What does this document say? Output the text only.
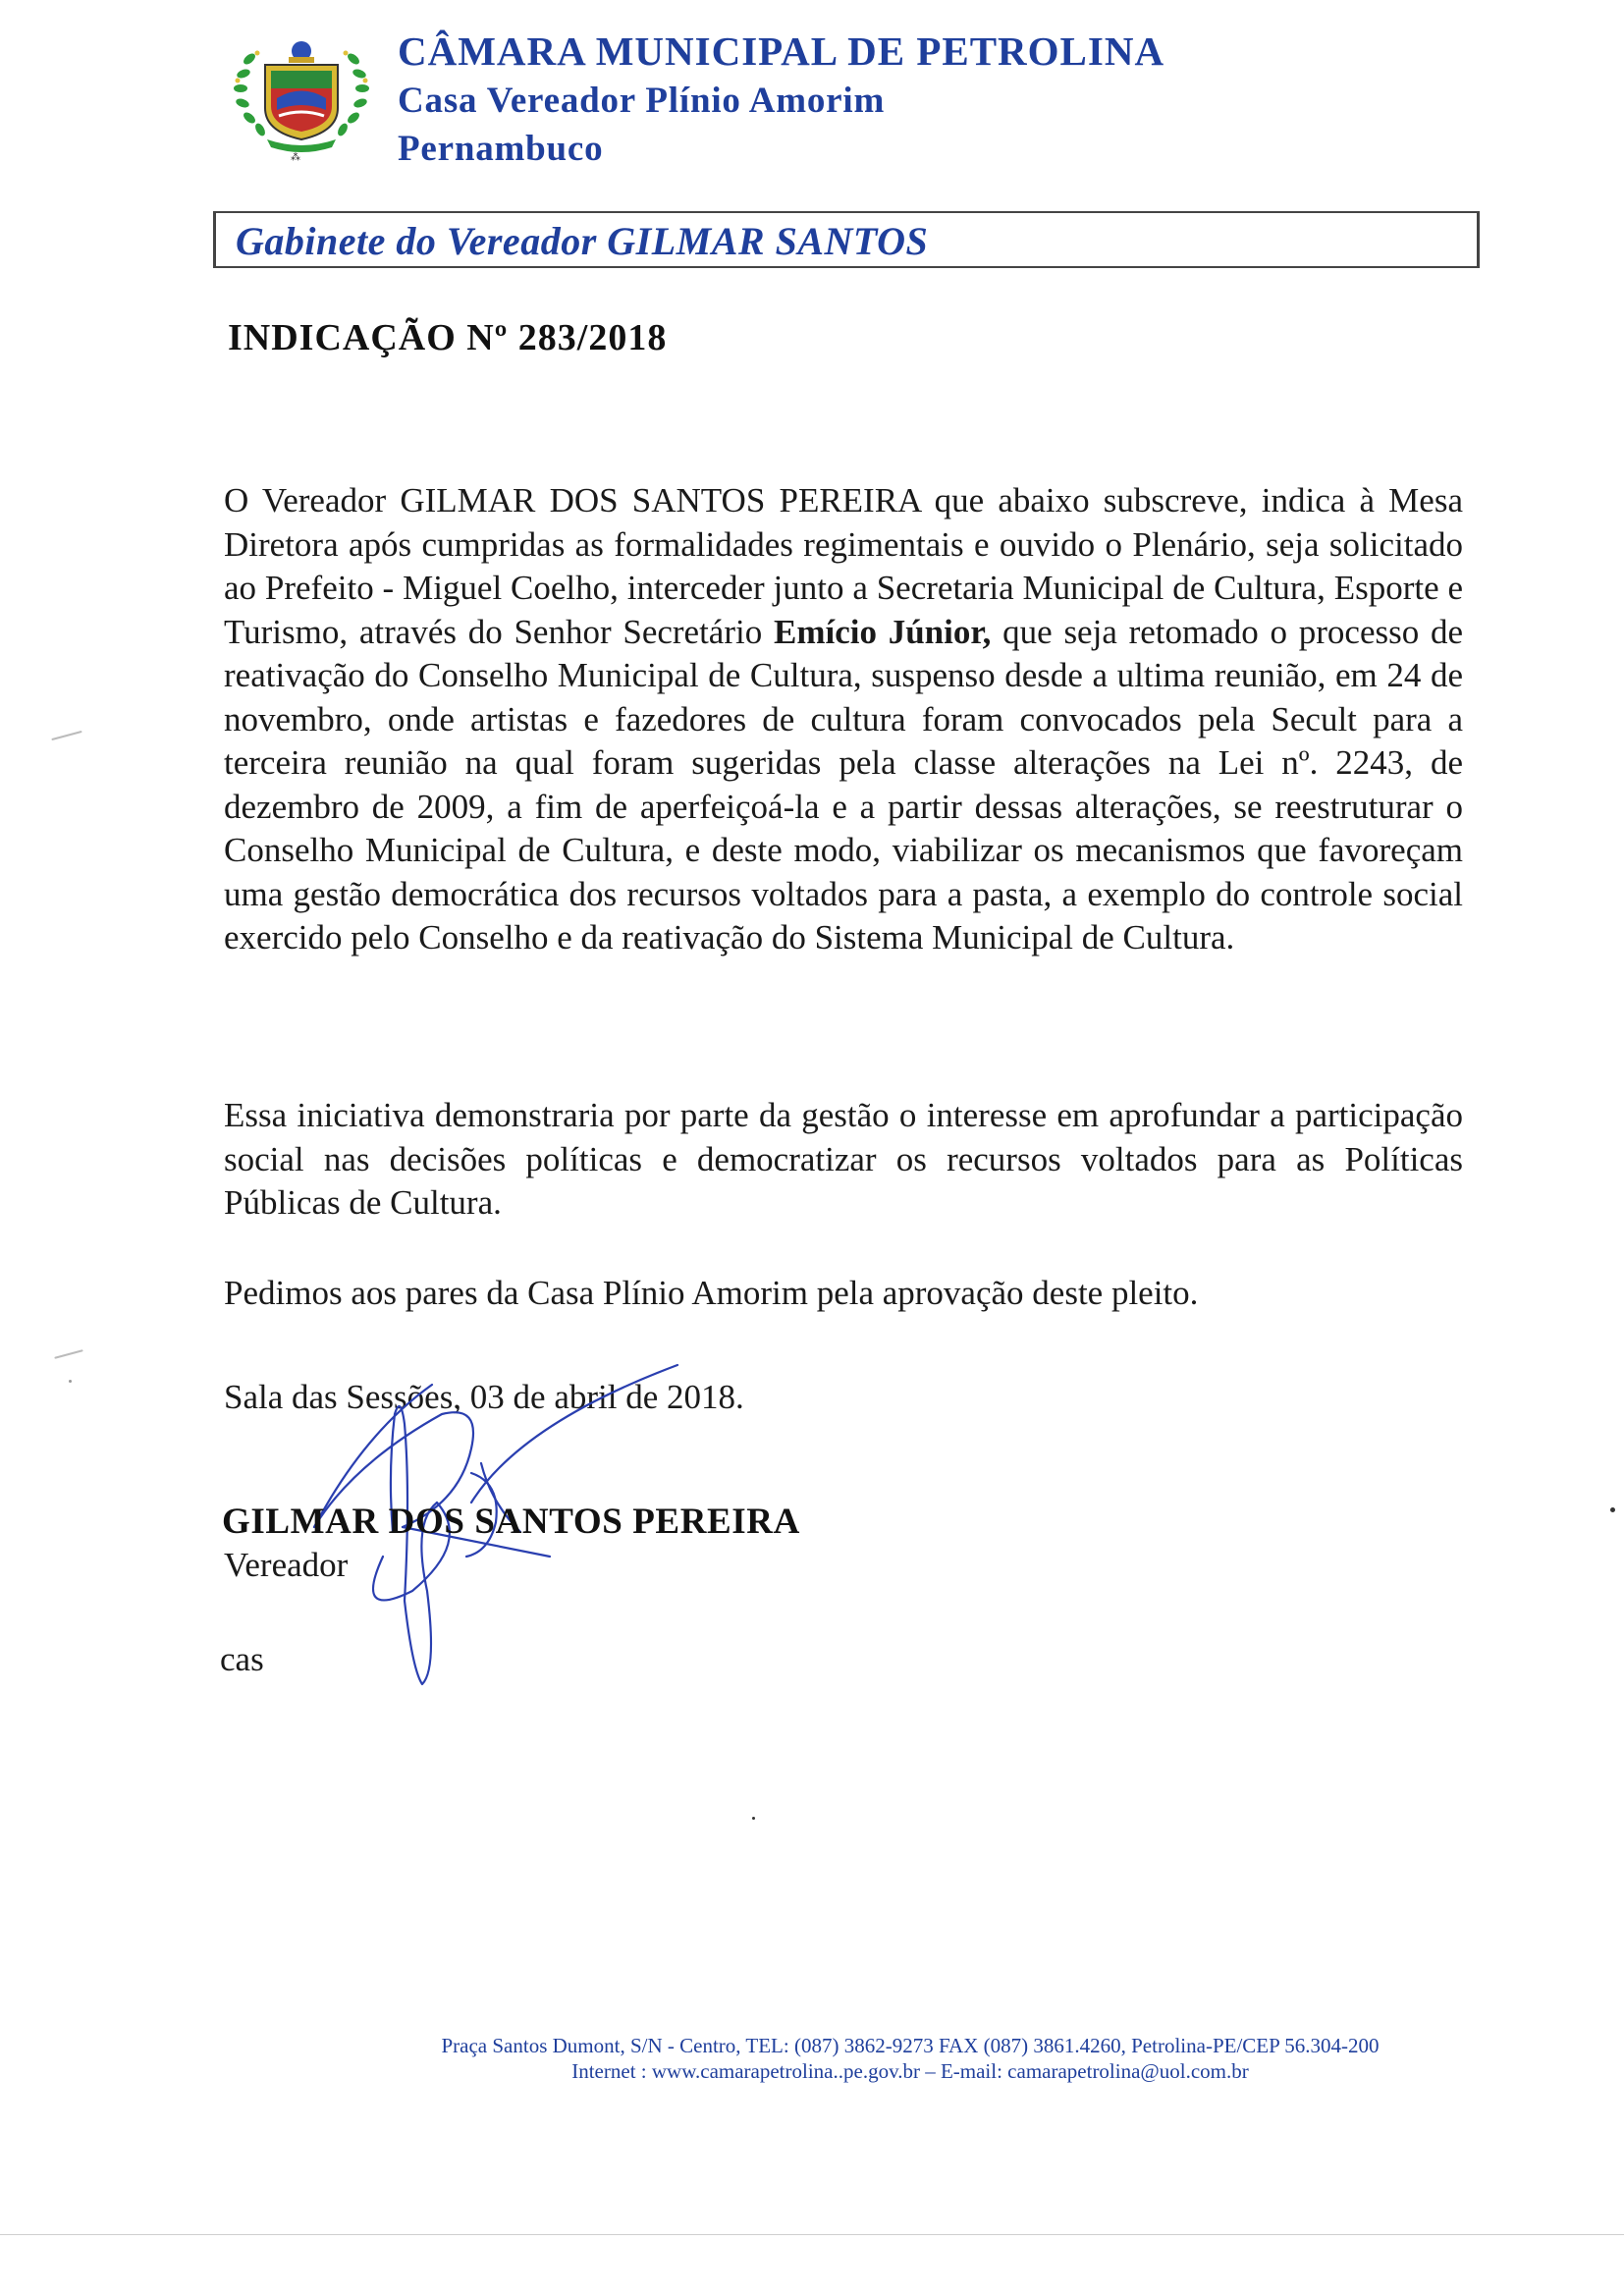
⁂
CÂMARA MUNICIPAL DE PETROLINA
Casa Vereador Plínio Amorim
Pernambuco
Gabinete do Vereador GILMAR SANTOS
INDICAÇÃO Nº 283/2018
O Vereador GILMAR DOS SANTOS PEREIRA que abaixo subscreve, indica à Mesa Diretora após cumpridas as formalidades regimentais e ouvido o Plenário, seja solicitado ao Prefeito - Miguel Coelho, interceder junto a Secretaria Municipal de Cultura, Esporte e Turismo, através do Senhor Secretário Emício Júnior, que seja retomado o processo de reativação do Conselho Municipal de Cultura, suspenso desde a ultima reunião, em 24 de novembro, onde artistas e fazedores de cultura foram convocados pela Secult para a terceira reunião na qual foram sugeridas pela classe alterações na Lei nº. 2243, de dezembro de 2009, a fim de aperfeiçoá-la e a partir dessas alterações, se reestruturar o Conselho Municipal de Cultura, e deste modo, viabilizar os mecanismos que favoreçam uma gestão democrática dos recursos voltados para a pasta, a exemplo do controle social exercido pelo Conselho e da reativação do Sistema Municipal de Cultura.
Essa iniciativa demonstraria por parte da gestão o interesse em aprofundar a participação social nas decisões políticas e democratizar os recursos voltados para as Políticas Públicas de Cultura.
Pedimos aos pares da Casa Plínio Amorim pela aprovação deste pleito.
Sala das Sessões, 03 de abril de 2018.
GILMAR DOS SANTOS PEREIRA
Vereador
cas
Praça Santos Dumont, S/N - Centro, TEL: (087) 3862-9273 FAX (087) 3861.4260, Petrolina-PE/CEP 56.304-200
Internet : www.camarapetrolina..pe.gov.br – E-mail: camarapetrolina@uol.com.br
